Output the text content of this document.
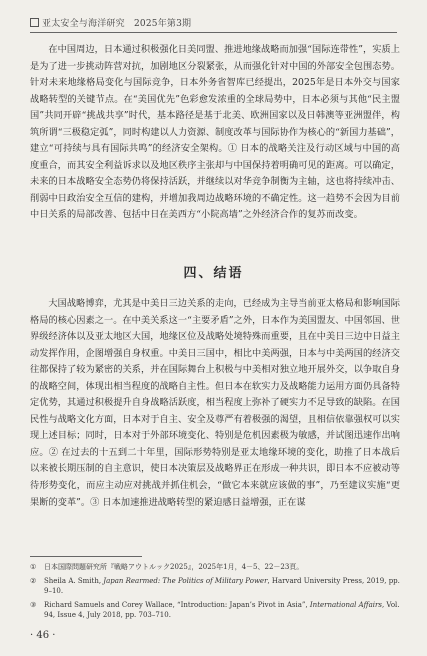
亚太安全与海洋研究　2025年第3期

在中国周边，日本通过积极强化日美同盟、推进地缘战略而加强“国际连带性”，实质上是为了进一步挑动阵营对抗，加剧地区分裂紧张，从而强化针对中国的外部安全包围态势。针对未来地缘格局变化与国际竞争，日本外务省智库已经提出，2025年是日本外交与国家战略转型的关键节点。在“美国优先”色彩愈发浓重的全球局势中，日本必须与其他“民主盟国”共同开辟“挑战共享”时代，基本路径是基于北美、欧洲国家以及日韩澳等亚洲盟伴，构筑所谓“三极稳定弧”，同时构建以人力资源、制度改革与国际协作为核心的“新国力基础”，建立“可持续与具有国际共鸣”的经济安全架构。① 日本的战略关注及行动区域与中国的高度重合，而其安全利益诉求以及地区秩序主张却与中国保持着明确可见的距离。可以确定，未来的日本战略安全态势仍将保持活跃，并继续以对华竞争制衡为主轴，这也将持续冲击、削弱中日政治安全互信的建构，并增加我周边战略环境的不确定性。这一趋势不会因为目前中日关系的局部改善、包括中日在美西方“小院高墙”之外经济合作的复苏而改变。

四、结语

大国战略博弈，尤其是中美日三边关系的走向，已经成为主导当前亚太格局和影响国际格局的核心因素之一。在中美关系这一“主要矛盾”之外，日本作为美国盟友、中国邻国、世界级经济体以及亚太地区大国，地缘区位及战略处境特殊而重要，且在中美日三边中日益主动发挥作用，企图增强自身权重。中美日三国中，相比中美两强，日本与中美两国的经济交往都保持了较为紧密的关系，并在国际舞台上积极与中美相对独立地开展外交，以争取自身的战略空间，体现出相当程度的战略自主性。但日本在软实力及战略能力运用方面仍具备特定优势，其通过积极提升自身战略活跃度，相当程度上弥补了硬实力不足导致的缺陷。在国民性与战略文化方面，日本对于自主、安全及尊严有着极强的渴望，且相信依靠强权可以实现上述目标；同时，日本对于外部环境变化、特别是危机因素极为敏感，并试图迅速作出响应。② 在过去的十五到二十年里，国际形势特别是亚太地缘环境的变化，助推了日本战后以来被长期压制的自主意识，使日本决策层及战略界正在形成一种共识，即日本不应被动等待形势变化，而应主动应对挑战并抓住机会，“做它本来就应该做的事”，乃至建议实施“更果断的变革”。③ 日本加速推进战略转型的紧迫感日益增强，正在谋

① 日本国際問題研究所『戦略アウトルック2025』，2025年1月，4－5、22－23頁。

② Sheila A. Smith, Japan Rearmed: The Politics of Military Power, Harvard University Press, 2019, pp. 9–10.

③ Richard Samuels and Corey Wallace, “Introduction: Japan’s Pivot in Asia”, International Affairs, Vol. 94, Issue 4, July 2018, pp. 703–710.

· 46 ·
